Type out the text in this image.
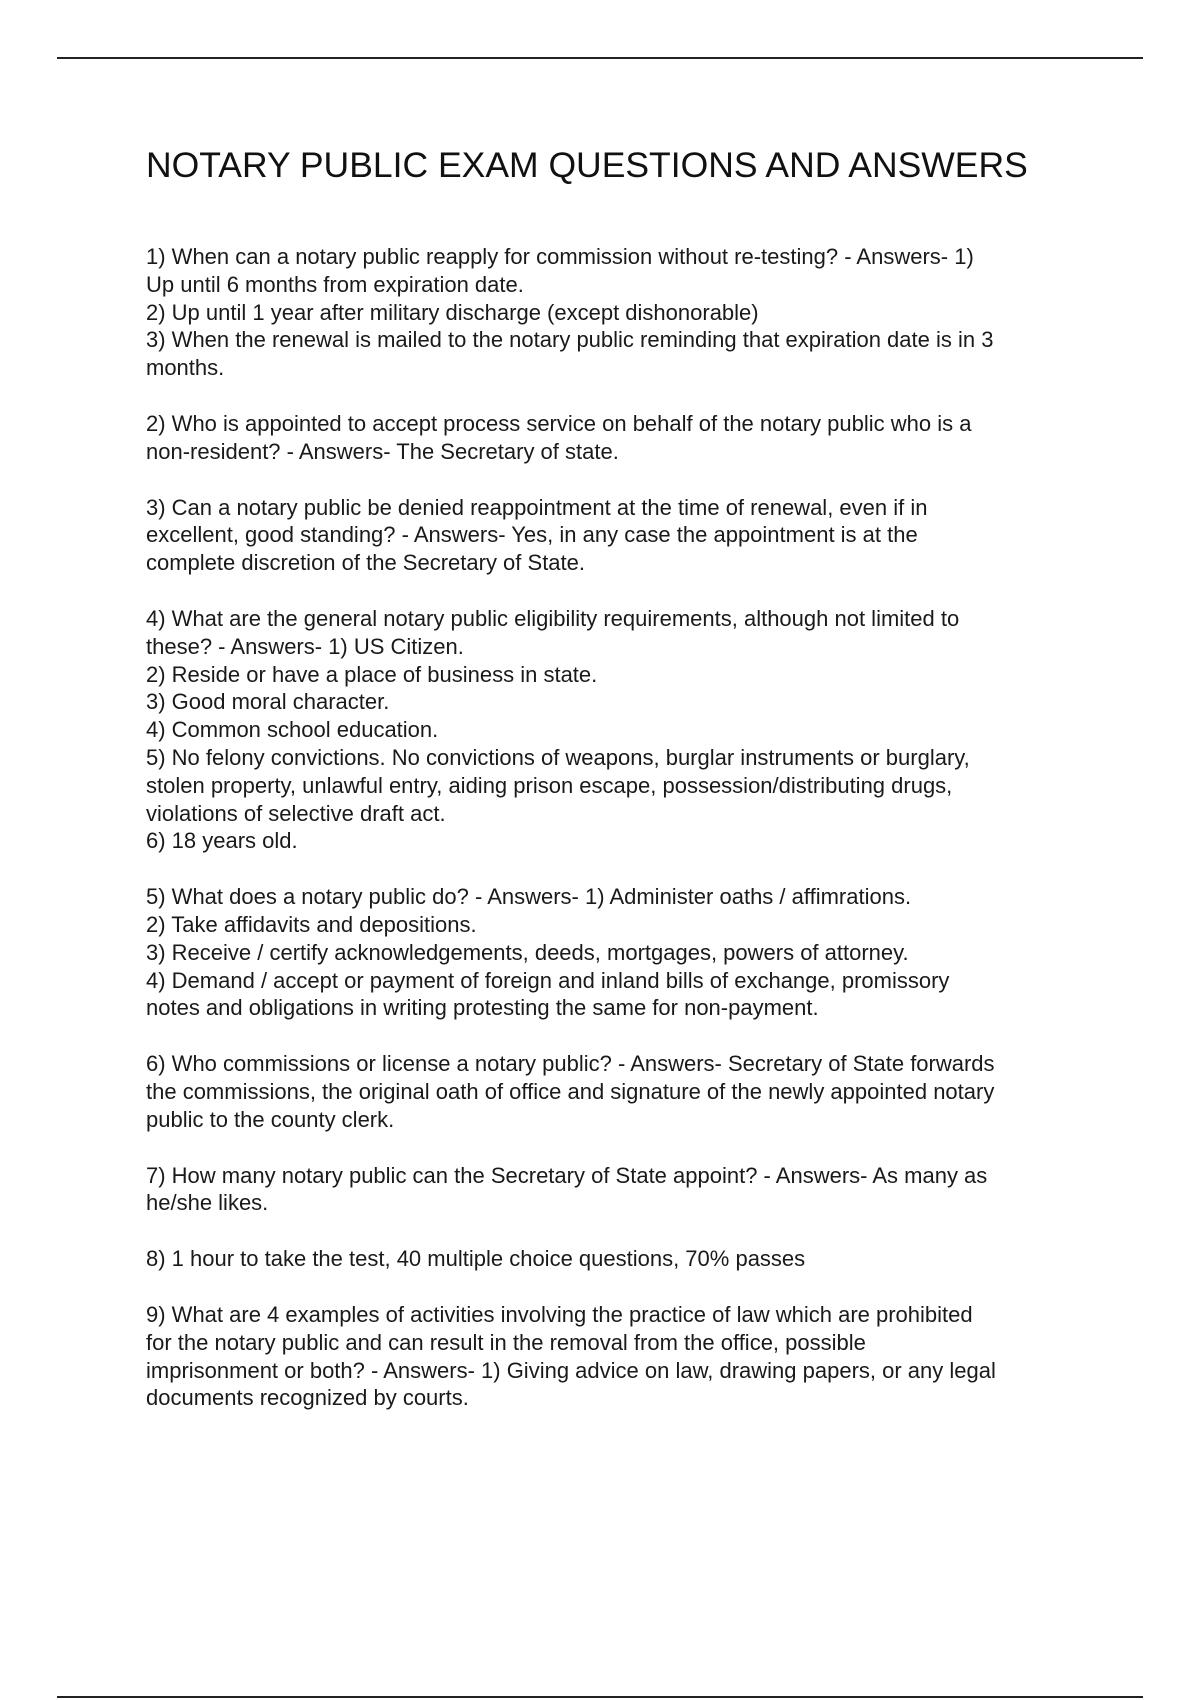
NOTARY PUBLIC EXAM QUESTIONS AND ANSWERS
1) When can a notary public reapply for commission without re-testing? - Answers- 1)
Up until 6 months from expiration date.
2) Up until 1 year after military discharge (except dishonorable)
3) When the renewal is mailed to the notary public reminding that expiration date is in 3
months.
2) Who is appointed to accept process service on behalf of the notary public who is a
non-resident? - Answers- The Secretary of state.
3) Can a notary public be denied reappointment at the time of renewal, even if in
excellent, good standing? - Answers- Yes, in any case the appointment is at the
complete discretion of the Secretary of State.
4) What are the general notary public eligibility requirements, although not limited to
these? - Answers- 1) US Citizen.
2) Reside or have a place of business in state.
3) Good moral character.
4) Common school education.
5) No felony convictions. No convictions of weapons, burglar instruments or burglary,
stolen property, unlawful entry, aiding prison escape, possession/distributing drugs,
violations of selective draft act.
6) 18 years old.
5) What does a notary public do? - Answers- 1) Administer oaths / affimrations.
2) Take affidavits and depositions.
3) Receive / certify acknowledgements, deeds, mortgages, powers of attorney.
4) Demand / accept or payment of foreign and inland bills of exchange, promissory
notes and obligations in writing protesting the same for non-payment.
6) Who commissions or license a notary public? - Answers- Secretary of State forwards
the commissions, the original oath of office and signature of the newly appointed notary
public to the county clerk.
7) How many notary public can the Secretary of State appoint? - Answers- As many as
he/she likes.
8) 1 hour to take the test, 40 multiple choice questions, 70% passes
9) What are 4 examples of activities involving the practice of law which are prohibited
for the notary public and can result in the removal from the office, possible
imprisonment or both? - Answers- 1) Giving advice on law, drawing papers, or any legal
documents recognized by courts.
